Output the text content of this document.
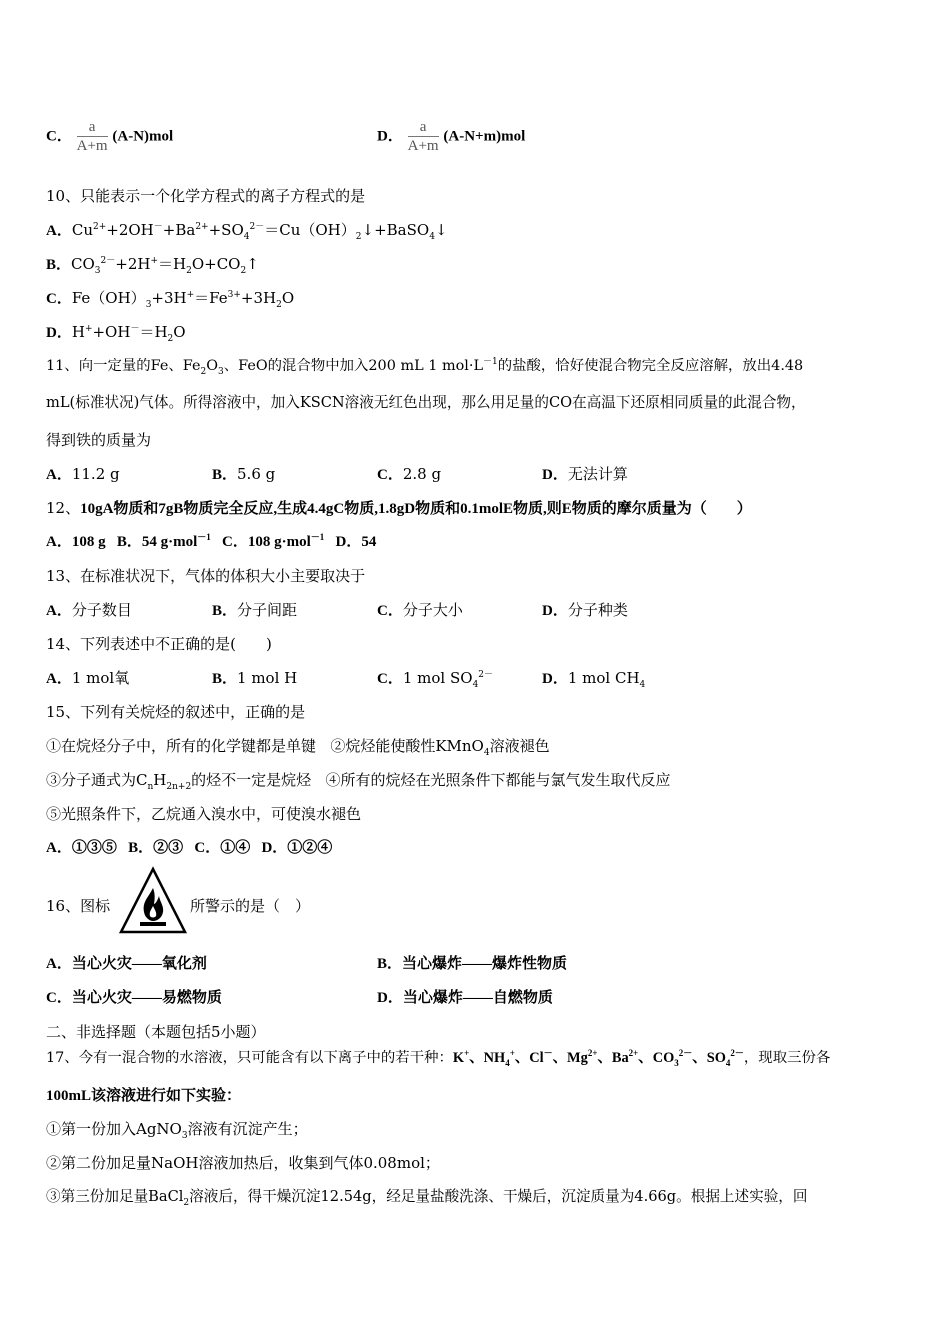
C． $\frac{a}{A+m} (A-N)mol$	D． $\frac{a}{A+m} (A-N+m)mol$
10、只能表示一个化学方程式的离子方程式的是
A．$Cu^{2+}+2OH^-+Ba^{2+}+SO_4^{2-}=Cu(OH)_2↓+BaSO_4↓$
B．$CO_3^{2-}+2H^+=H_2O+CO_2↑$
C．$Fe(OH)_3+3H^+=Fe^{3+}+3H_2O$
D．$H^++OH^-=H_2O$
11、向一定量的Fe、$Fe_2O_3$、FeO的混合物中加入200 mL 1 $mol\cdot L^{-1}$的盐酸，恰好使混合物完全反应溶解，放出4.48
mL(标准状况)气体。所得溶液中，加入KSCN溶液无红色出现，那么用足量的CO在高温下还原相同质量的此混合物，
得到铁的质量为
A．11.2 g	B．5.6 g	C．2.8 g	D．无法计算
12、10gA物质和7gB物质完全反应,生成4.4gC物质,1.8gD物质和0.1molE物质,则E物质的摩尔质量为（　　）
A．108 g B．54 g·mol$^{-1}$ C．108 g·mol$^{-1}$ D．54
13、在标准状况下，气体的体积大小主要取决于
A．分子数目	B．分子间距	C．分子大小	D．分子种类
14、下列表述中不正确的是(　　)
A．1 mol氧	B．1 mol H	C．1 mol $SO_4^{2-}$	D．1 mol $CH_4$
15、下列有关烷烃的叙述中，正确的是
①在烷烃分子中，所有的化学键都是单键 ②烷烃能使酸性KMnO$_4$溶液褪色
③分子通式为$C_nH_{2n+2}$的烃不一定是烷烃 ④所有的烷烃在光照条件下都能与氯气发生取代反应
⑤光照条件下，乙烷通入溴水中，可使溴水褪色
A．①③⑤ B．②③ C．①④ D．①②④
16、图标	所警示的是（　）
A．当心火灾——氧化剂	B．当心爆炸——爆炸性物质
C．当心火灾——易燃物质	D．当心爆炸——自燃物质
二、非选择题（本题包括5小题）
17、今有一混合物的水溶液，只可能含有以下离子中的若干种：K+、$NH_4^+$、Cl－、$Mg^{2+}$、$Ba^{2+}$、$CO_3^{2-}$、$SO_4^{2-}$，现取三份各
100mL该溶液进行如下实验：
①第一份加入AgNO$_3$溶液有沉淀产生；
②第二份加足量NaOH溶液加热后，收集到气体0.08mol；
③第三份加足量BaCl$_2$溶液后，得干燥沉淀12.54g，经足量盐酸洗涤、干燥后，沉淀质量为4.66g。根据上述实验，回
